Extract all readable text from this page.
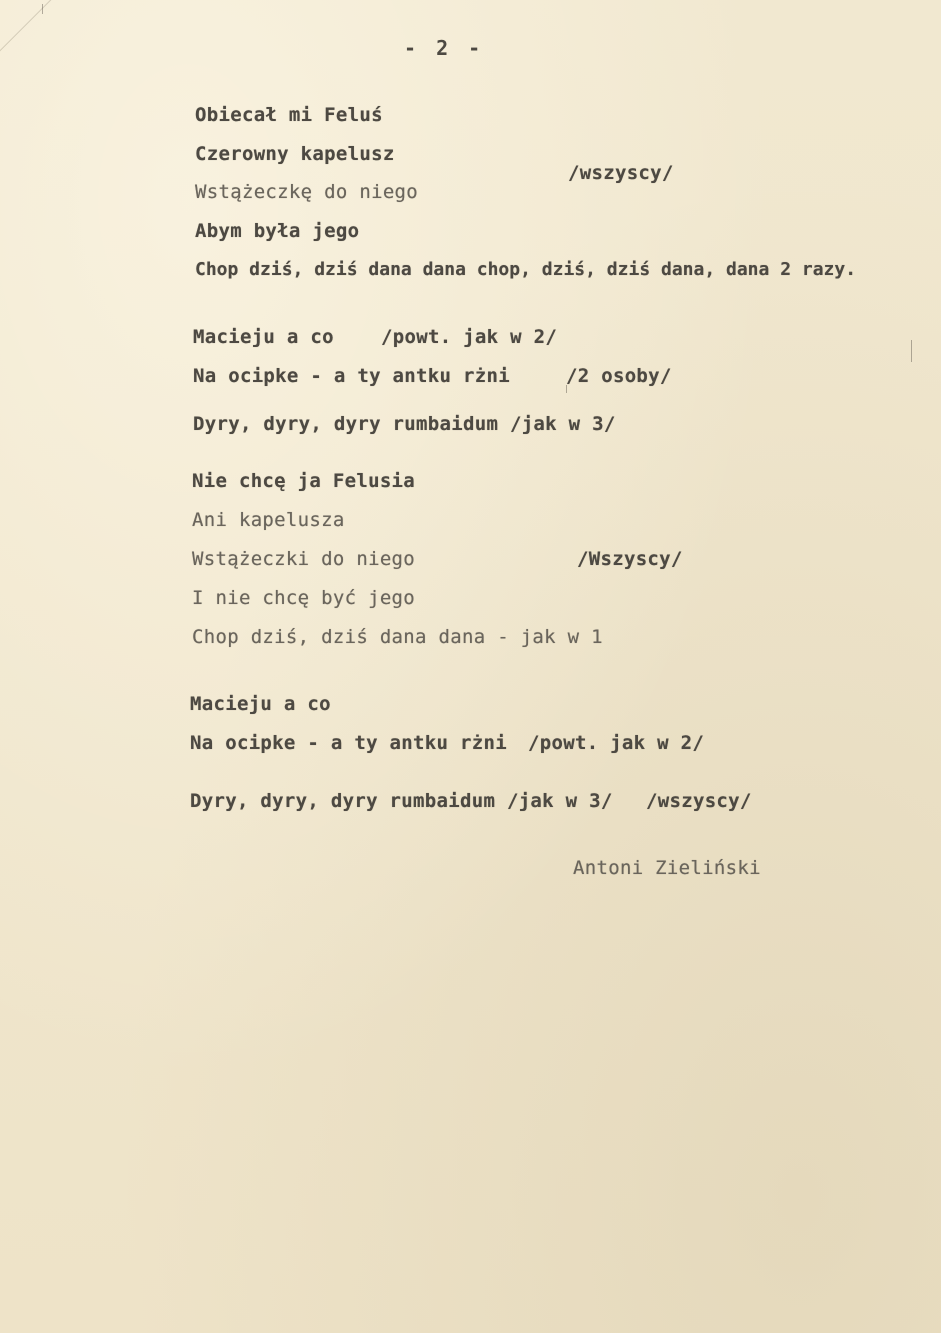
- 2 -
Obiecał mi Feluś
Czerowny kapelusz
/wszyscy/
Wstążeczkę do niego
Abym była jego
Chop dziś, dziś dana dana chop, dziś, dziś dana, dana 2 razy.
Macieju a co /powt. jak w 2/
Na ocipke - a ty antku rżni	/2 osoby/
Dyry, dyry, dyry rumbaidum /jak w 3/
Nie chcę ja Felusia
Ani kapelusza
Wstążeczki do niego	/Wszyscy/
I nie chcę być jego
Chop dziś, dziś dana dana - jak w 1
Macieju a co
Na ocipke - a ty antku rżni /powt. jak w 2/
Dyry, dyry, dyry rumbaidum /jak w 3/ /wszyscy/
Antoni Zieliński
